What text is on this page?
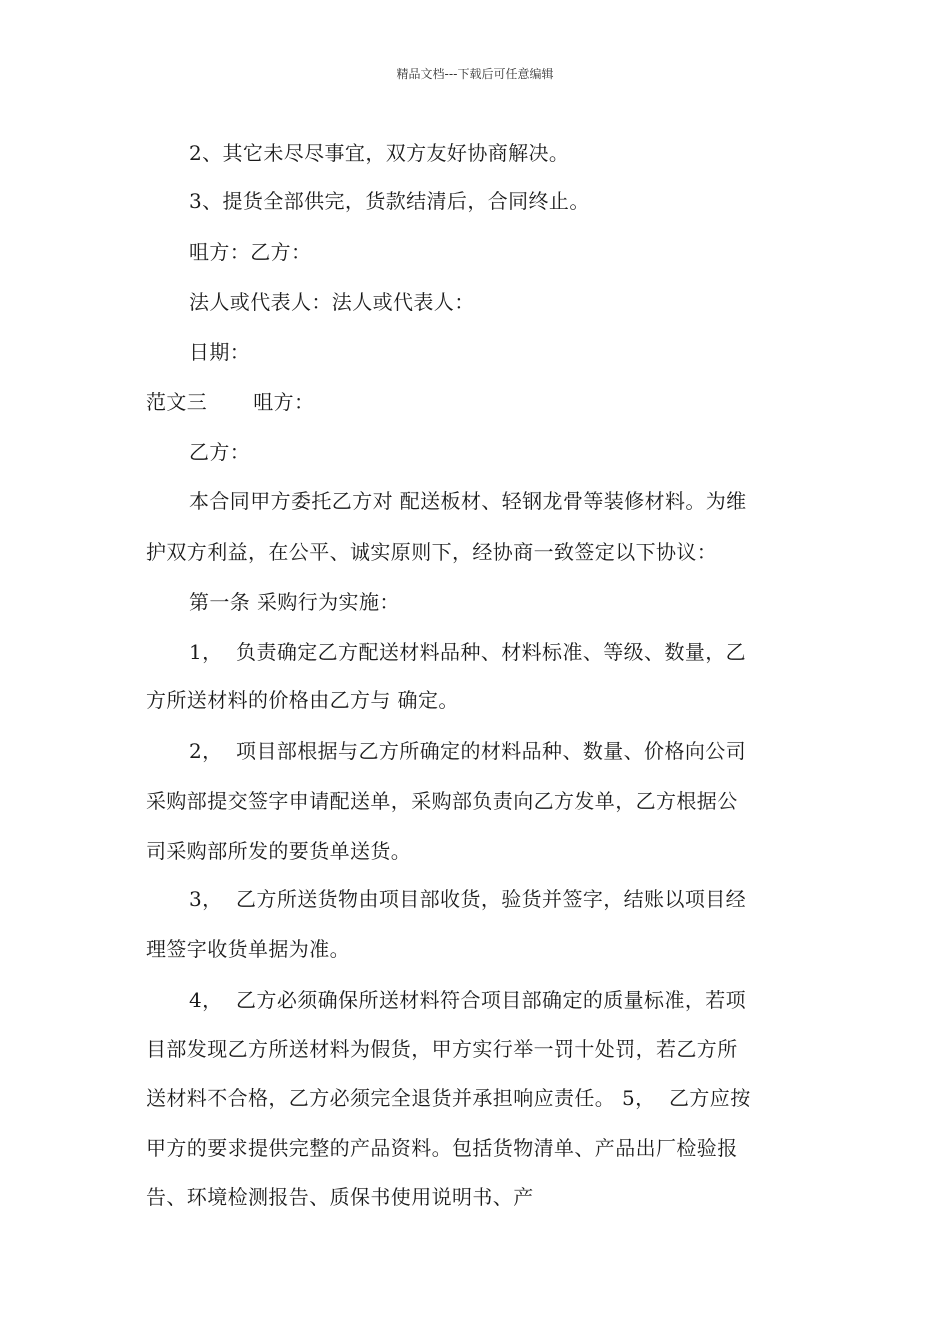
精品文档---下载后可任意编辑
2、其它未尽尽事宜，双方友好协商解决。
3、提货全部供完，货款结清后，合同终止。
咀方：乙方：
法人或代表人：法人或代表人：
日期：
范文三 咀方：
乙方：
本合同甲方委托乙方对 配送板材、轻钢龙骨等装修材料。为维
护双方利益，在公平、诚实原则下，经协商一致签定以下协议：
第一条 采购行为实施：
1，  负责确定乙方配送材料品种、材料标准、等级、数量，乙
方所送材料的价格由乙方与 确定。
2，  项目部根据与乙方所确定的材料品种、数量、价格向公司
采购部提交签字申请配送单，采购部负责向乙方发单，乙方根据公
司采购部所发的要货单送货。
3，  乙方所送货物由项目部收货，验货并签字，结账以项目经
理签字收货单据为准。
4，  乙方必须确保所送材料符合项目部确定的质量标准，若项
目部发现乙方所送材料为假货，甲方实行举一罚十处罚，若乙方所
送材料不合格，乙方必须完全退货并承担响应责任。 5，  乙方应按
甲方的要求提供完整的产品资料。包括货物清单、产品出厂检验报
告、环境检测报告、质保书使用说明书、产
